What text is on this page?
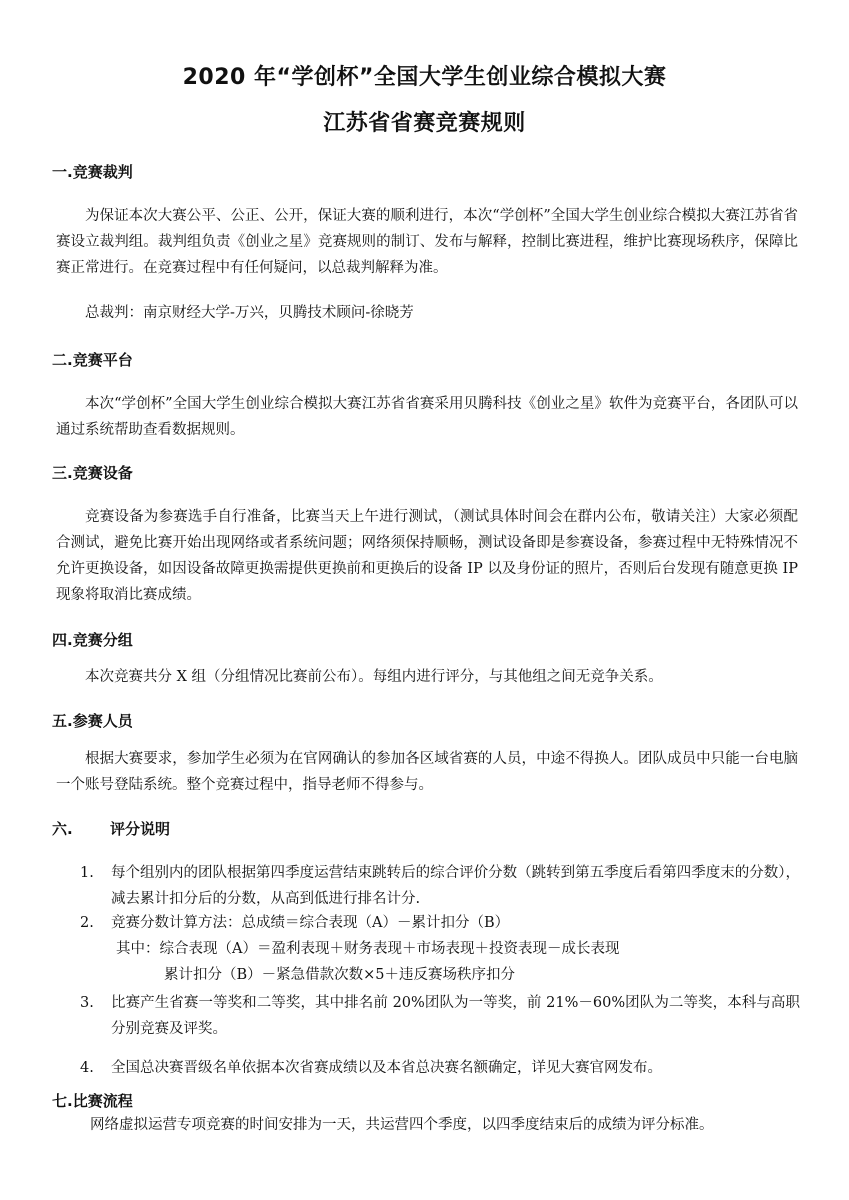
2020 年“学创杯”全国大学生创业综合模拟大赛
江苏省省赛竞赛规则
一.竞赛裁判
为保证本次大赛公平、公正、公开，保证大赛的顺利进行，本次“学创杯”全国大学生创业综合模拟大赛江苏省省赛设立裁判组。裁判组负责《创业之星》竞赛规则的制订、发布与解释，控制比赛进程，维护比赛现场秩序，保障比赛正常进行。在竞赛过程中有任何疑问，以总裁判解释为准。
总裁判：南京财经大学-万兴，贝腾技术顾问-徐晓芳
二.竞赛平台
本次“学创杯”全国大学生创业综合模拟大赛江苏省省赛采用贝腾科技《创业之星》软件为竞赛平台，各团队可以通过系统帮助查看数据规则。
三.竞赛设备
竞赛设备为参赛选手自行准备，比赛当天上午进行测试，（测试具体时间会在群内公布，敬请关注）大家必须配合测试，避免比赛开始出现网络或者系统问题；网络须保持顺畅，测试设备即是参赛设备，参赛过程中无特殊情况不允许更换设备，如因设备故障更换需提供更换前和更换后的设备 IP 以及身份证的照片，否则后台发现有随意更换 IP 现象将取消比赛成绩。
四.竞赛分组
本次竞赛共分 X 组（分组情况比赛前公布）。每组内进行评分，与其他组之间无竞争关系。
五.参赛人员
根据大赛要求，参加学生必须为在官网确认的参加各区域省赛的人员，中途不得换人。团队成员中只能一台电脑一个账号登陆系统。整个竞赛过程中，指导老师不得参与。
六. 评分说明
1.	每个组别内的团队根据第四季度运营结束跳转后的综合评价分数（跳转到第五季度后看第四季度末的分数），减去累计扣分后的分数，从高到低进行排名计分.
2.	竞赛分数计算方法：总成绩＝综合表现（A）－累计扣分（B）
其中：综合表现（A）＝盈利表现＋财务表现＋市场表现＋投资表现－成长表现
累计扣分（B）－紧急借款次数×5＋违反赛场秩序扣分
3.	比赛产生省赛一等奖和二等奖，其中排名前 20%团队为一等奖，前 21%－60%团队为二等奖，本科与高职分别竞赛及评奖。
4.	全国总决赛晋级名单依据本次省赛成绩以及本省总决赛名额确定，详见大赛官网发布。
七.比赛流程
网络虚拟运营专项竞赛的时间安排为一天，共运营四个季度，以四季度结束后的成绩为评分标准。
